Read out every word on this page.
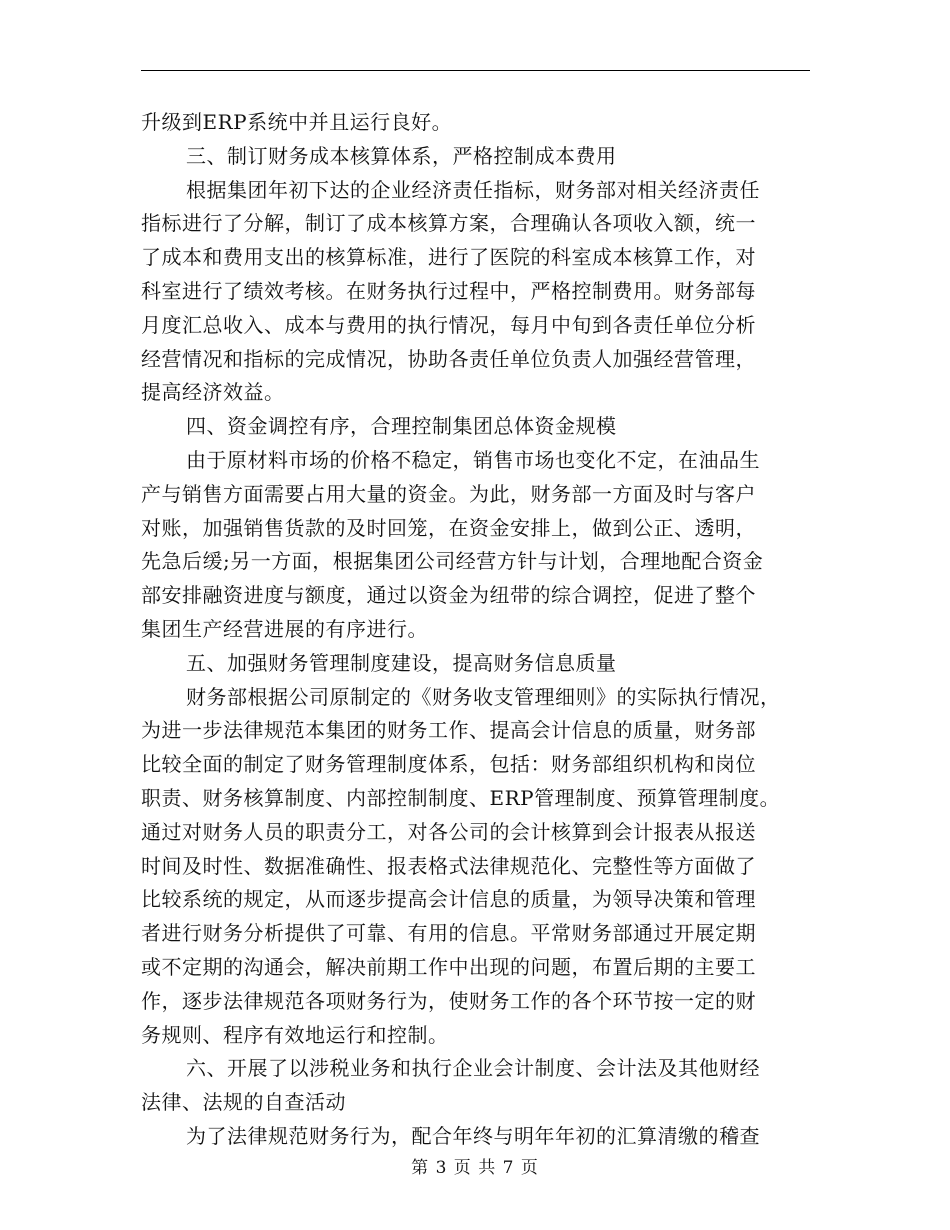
升级到ERP系统中并且运行良好。

三、制订财务成本核算体系，严格控制成本费用

根据集团年初下达的企业经济责任指标，财务部对相关经济责任

指标进行了分解，制订了成本核算方案，合理确认各项收入额，统一

了成本和费用支出的核算标准，进行了医院的科室成本核算工作，对

科室进行了绩效考核。在财务执行过程中，严格控制费用。财务部每

月度汇总收入、成本与费用的执行情况，每月中旬到各责任单位分析

经营情况和指标的完成情况，协助各责任单位负责人加强经营管理，

提高经济效益。

四、资金调控有序，合理控制集团总体资金规模

由于原材料市场的价格不稳定，销售市场也变化不定，在油品生

产与销售方面需要占用大量的资金。为此，财务部一方面及时与客户

对账，加强销售货款的及时回笼，在资金安排上，做到公正、透明，

先急后缓;另一方面，根据集团公司经营方针与计划，合理地配合资金

部安排融资进度与额度，通过以资金为纽带的综合调控，促进了整个

集团生产经营进展的有序进行。

五、加强财务管理制度建设，提高财务信息质量

财务部根据公司原制定的《财务收支管理细则》的实际执行情况，

为进一步法律规范本集团的财务工作、提高会计信息的质量，财务部

比较全面的制定了财务管理制度体系，包括：财务部组织机构和岗位

职责、财务核算制度、内部控制制度、ERP管理制度、预算管理制度。

通过对财务人员的职责分工，对各公司的会计核算到会计报表从报送

时间及时性、数据准确性、报表格式法律规范化、完整性等方面做了

比较系统的规定，从而逐步提高会计信息的质量，为领导决策和管理

者进行财务分析提供了可靠、有用的信息。平常财务部通过开展定期

或不定期的沟通会，解决前期工作中出现的问题，布置后期的主要工

作，逐步法律规范各项财务行为，使财务工作的各个环节按一定的财

务规则、程序有效地运行和控制。

六、开展了以涉税业务和执行企业会计制度、会计法及其他财经

法律、法规的自查活动

为了法律规范财务行为，配合年终与明年年初的汇算清缴的稽查

第 3 页 共 7 页
